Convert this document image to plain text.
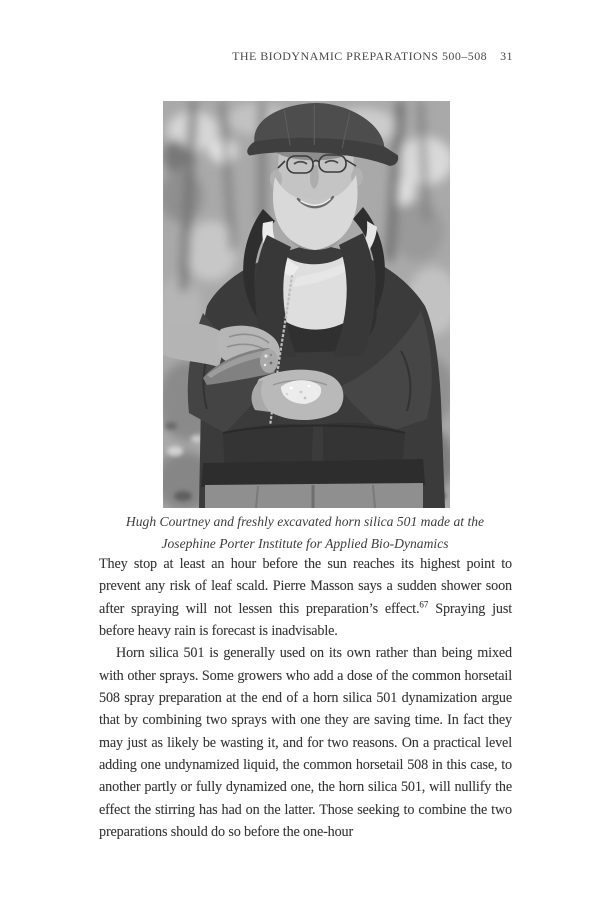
THE BIODYNAMIC PREPARATIONS 500–508 31
Hugh Courtney and freshly excavated horn silica 501 made at the
Josephine Porter Institute for Applied Bio-Dynamics

They stop at least an hour before the sun reaches its highest point to prevent any risk of leaf scald. Pierre Masson says a sudden shower soon after spraying will not lessen this preparation’s effect.$^{67}$ Spraying just before heavy rain is forecast is inadvisable.

Horn silica 501 is generally used on its own rather than being mixed with other sprays. Some growers who add a dose of the common horsetail 508 spray preparation at the end of a horn silica 501 dynamization argue that by combining two sprays with one they are saving time. In fact they may just as likely be wasting it, and for two reasons. On a practical level adding one undynamized liquid, the common horsetail 508 in this case, to another partly or fully dynamized one, the horn silica 501, will nullify the effect the stirring has had on the latter. Those seeking to combine the two preparations should do so before the one-hour
